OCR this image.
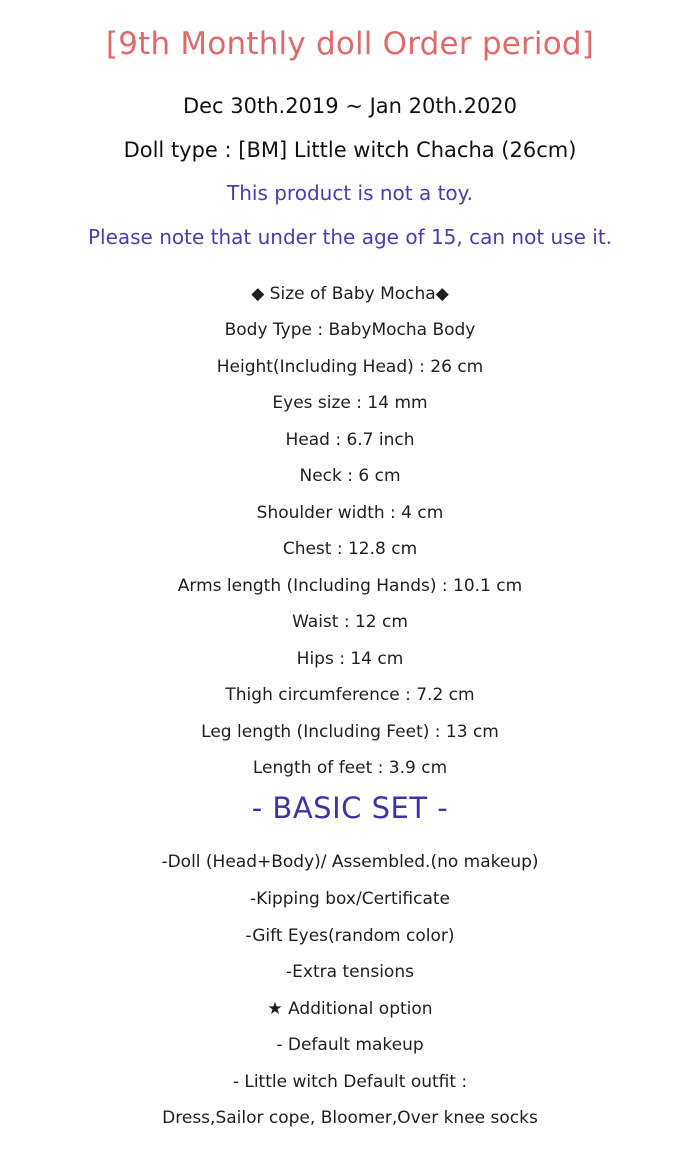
[9th Monthly doll Order period]
Dec 30th.2019 ~ Jan 20th.2020
Doll type : [BM] Little witch Chacha (26cm)
This product is not a toy.
Please note that under the age of 15, can not use it.
◆ Size of Baby Mocha◆
Body Type : BabyMocha Body
Height(Including Head) : 26 cm
Eyes size : 14 mm
Head : 6.7 inch
Neck : 6 cm
Shoulder width : 4 cm
Chest : 12.8 cm
Arms length (Including Hands) : 10.1 cm
Waist : 12 cm
Hips : 14 cm
Thigh circumference : 7.2 cm
Leg length (Including Feet) : 13 cm
Length of feet : 3.9 cm
- BASIC SET -
-Doll (Head+Body)/ Assembled.(no makeup)
-Kipping box/Certificate
-Gift Eyes(random color)
-Extra tensions
★ Additional option
- Default makeup
- Little witch Default outfit :
Dress,Sailor cope, Bloomer,Over knee socks
